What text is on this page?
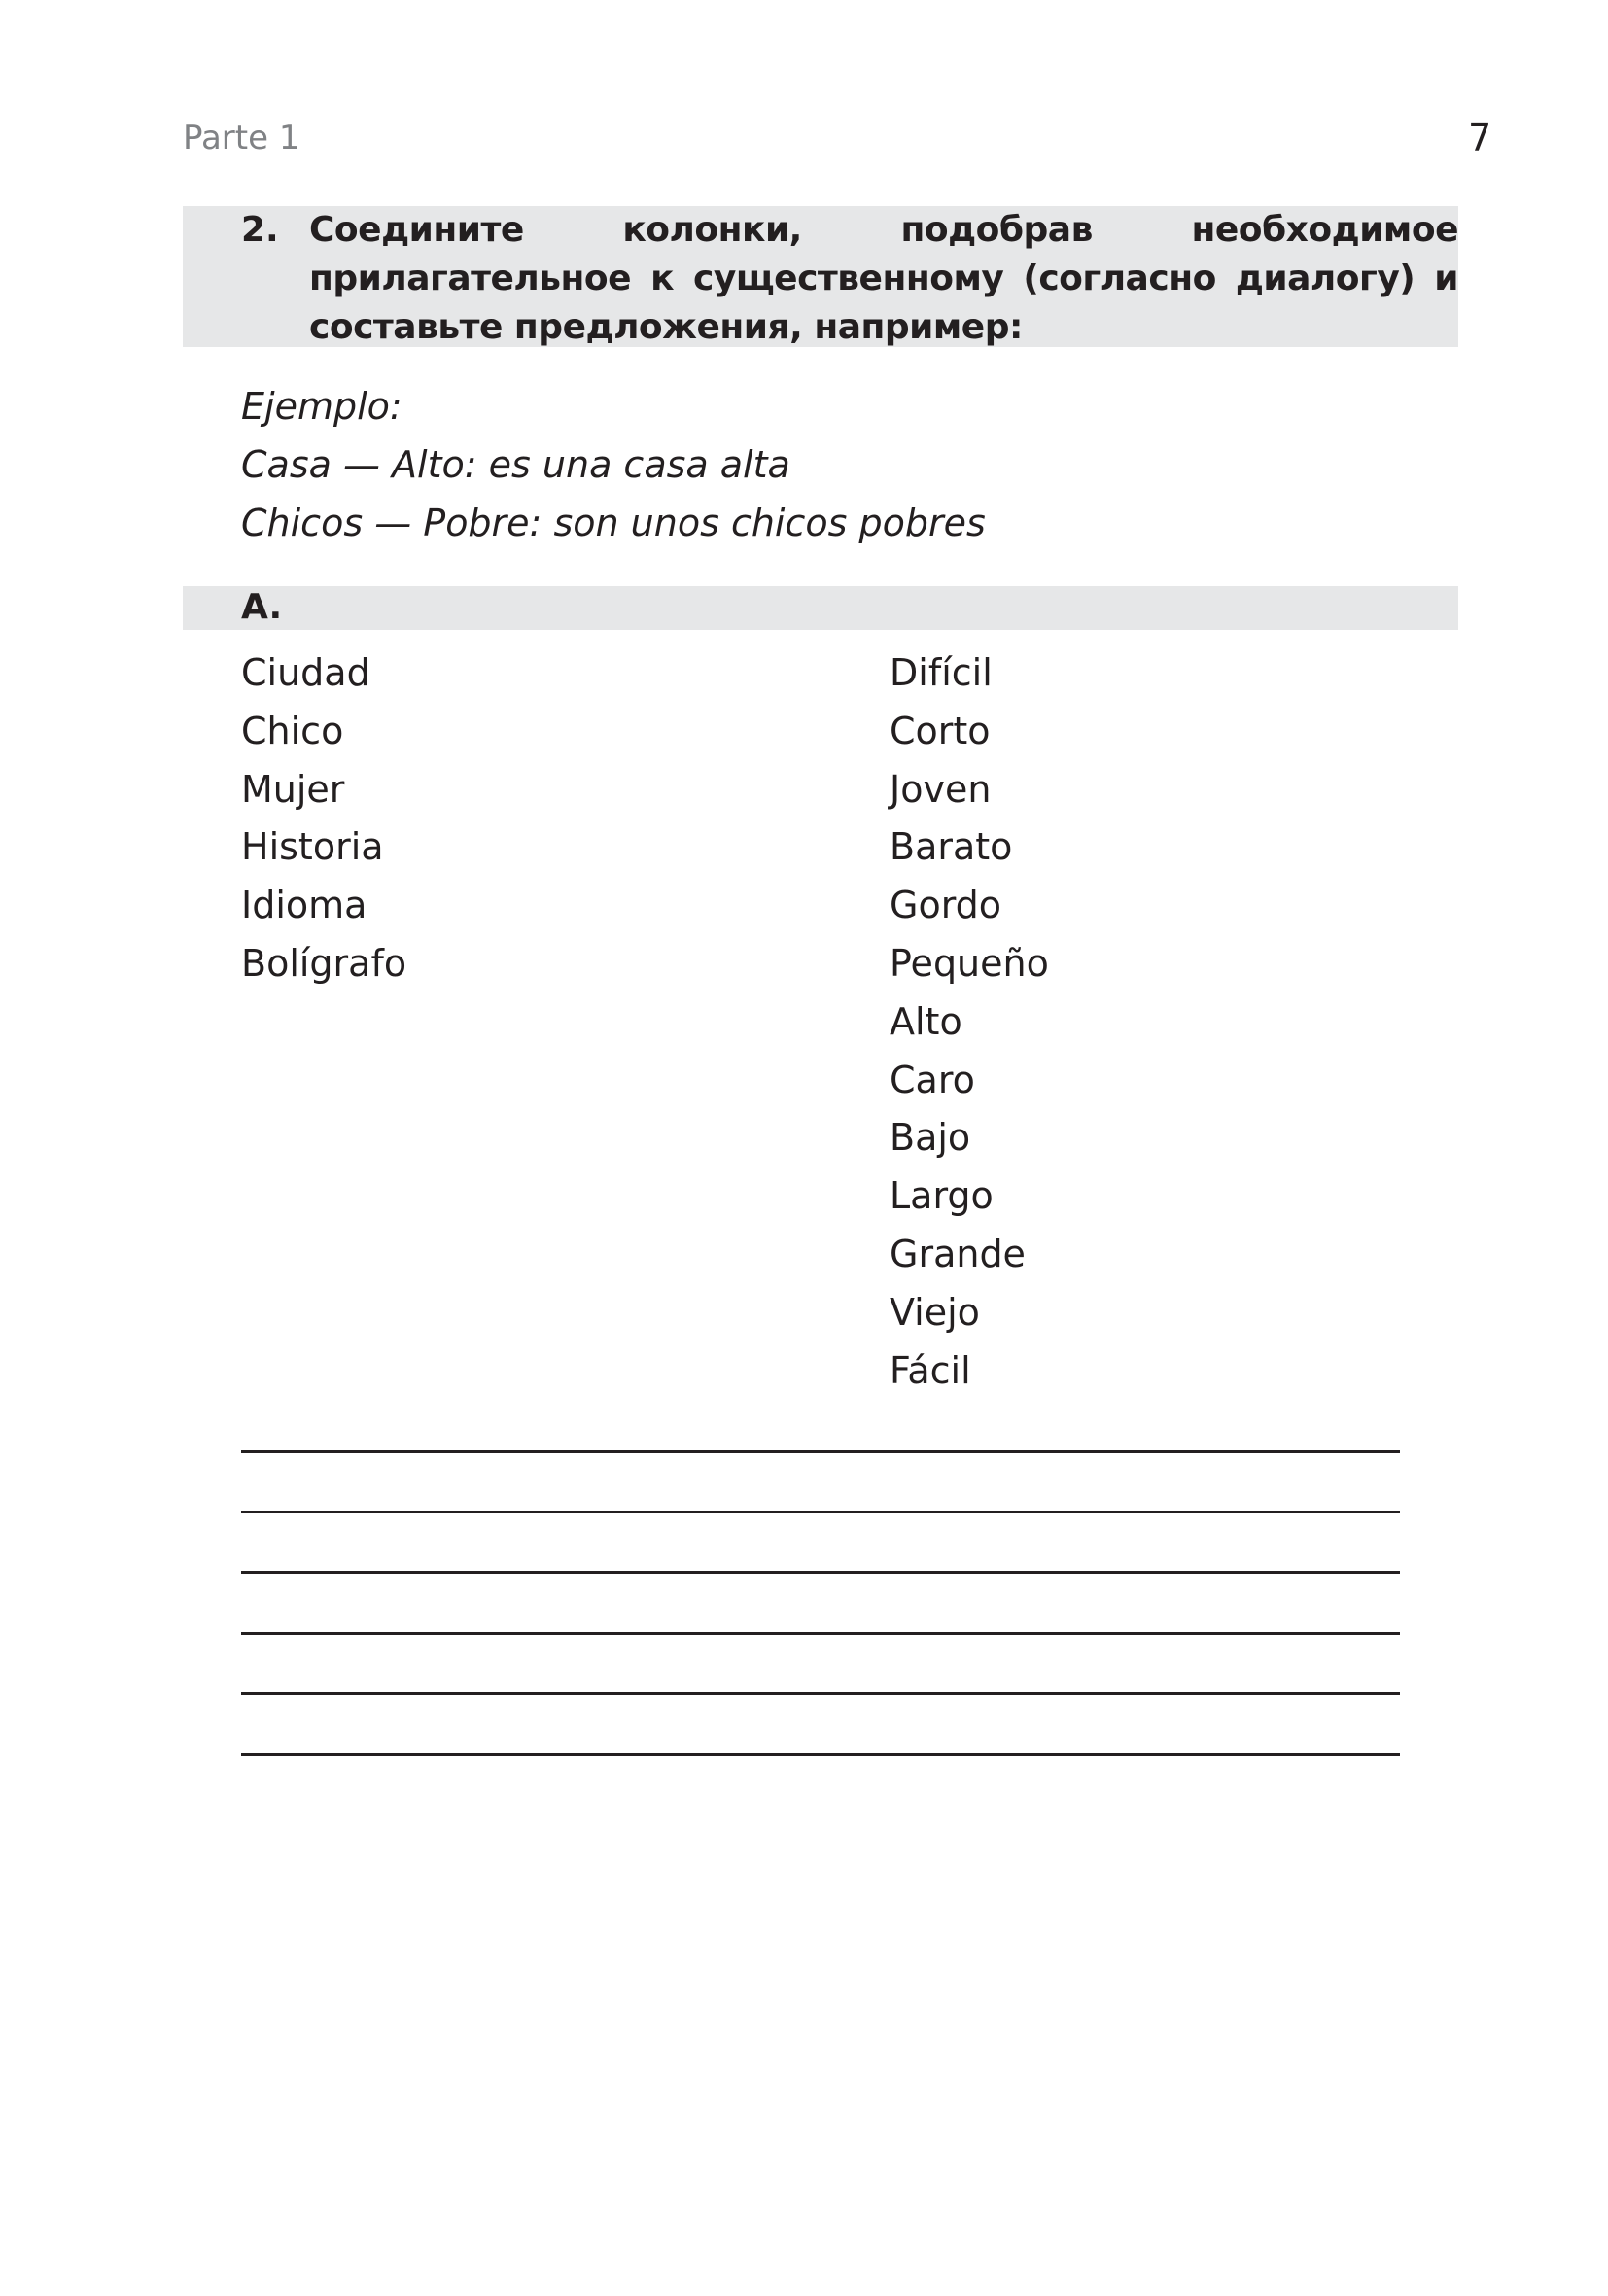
Parte 1	7
2. Соедините колонки, подобрав необходимое прилагательное к существенному (согласно диалогу) и составьте предложения, например:
Ejemplo:
Casa — Alto: es una casa alta
Chicos — Pobre: son unos chicos pobres
A.
Ciudad
Chico
Mujer
Historia
Idioma
Bolígrafo
Difícil
Corto
Joven
Barato
Gordo
Pequeño
Alto
Caro
Bajo
Largo
Grande
Viejo
Fácil
